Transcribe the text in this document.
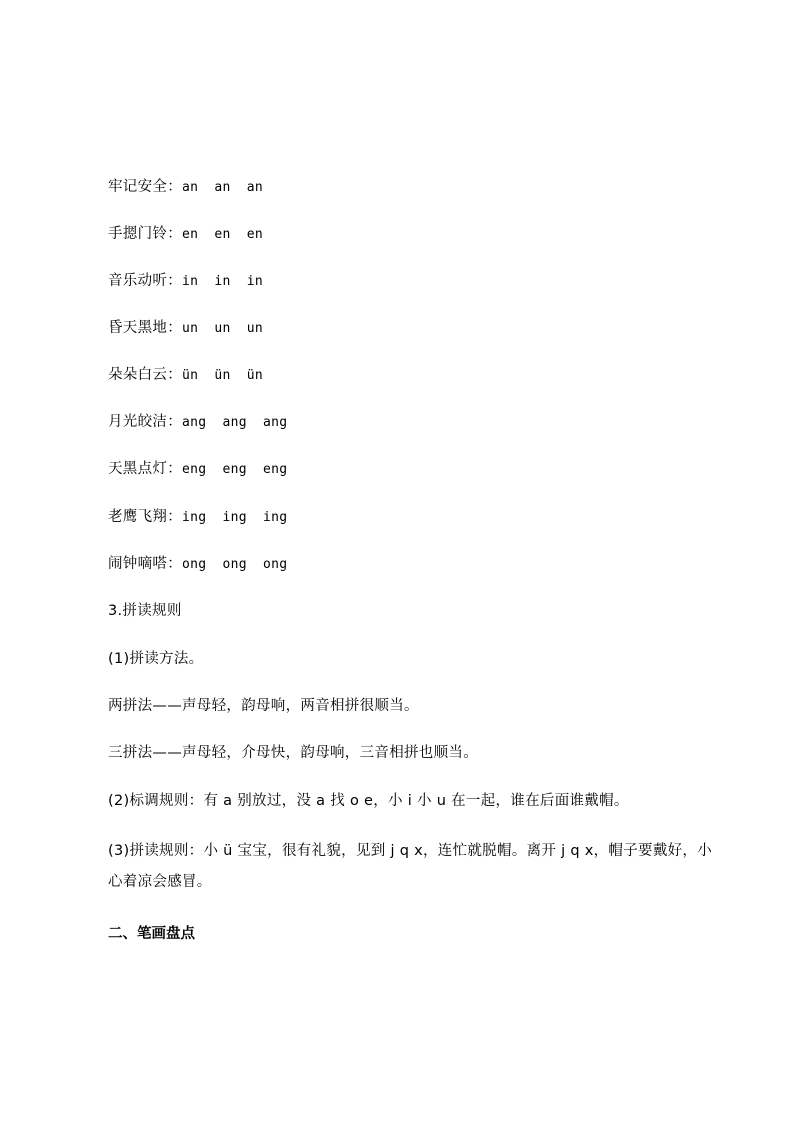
牢记安全：an an an
手摁门铃：en en en
音乐动听：in in in
昏天黑地：un un un
朵朵白云：ün ün ün
月光皎洁：ang ang ang
天黑点灯：eng eng eng
老鹰飞翔：ing ing ing
闹钟嘀嗒：ong ong ong
3.拼读规则
(1)拼读方法。
两拼法——声母轻，韵母响，两音相拼很顺当。
三拼法——声母轻，介母快，韵母响，三音相拼也顺当。
(2)标调规则：有 a 别放过，没 a 找 o e，小 i 小 u 在一起，谁在后面谁戴帽。
(3)拼读规则：小 ü 宝宝，很有礼貌，见到 j q x，连忙就脱帽。离开 j q x，帽子要戴好，小心着凉会感冒。
二、笔画盘点
